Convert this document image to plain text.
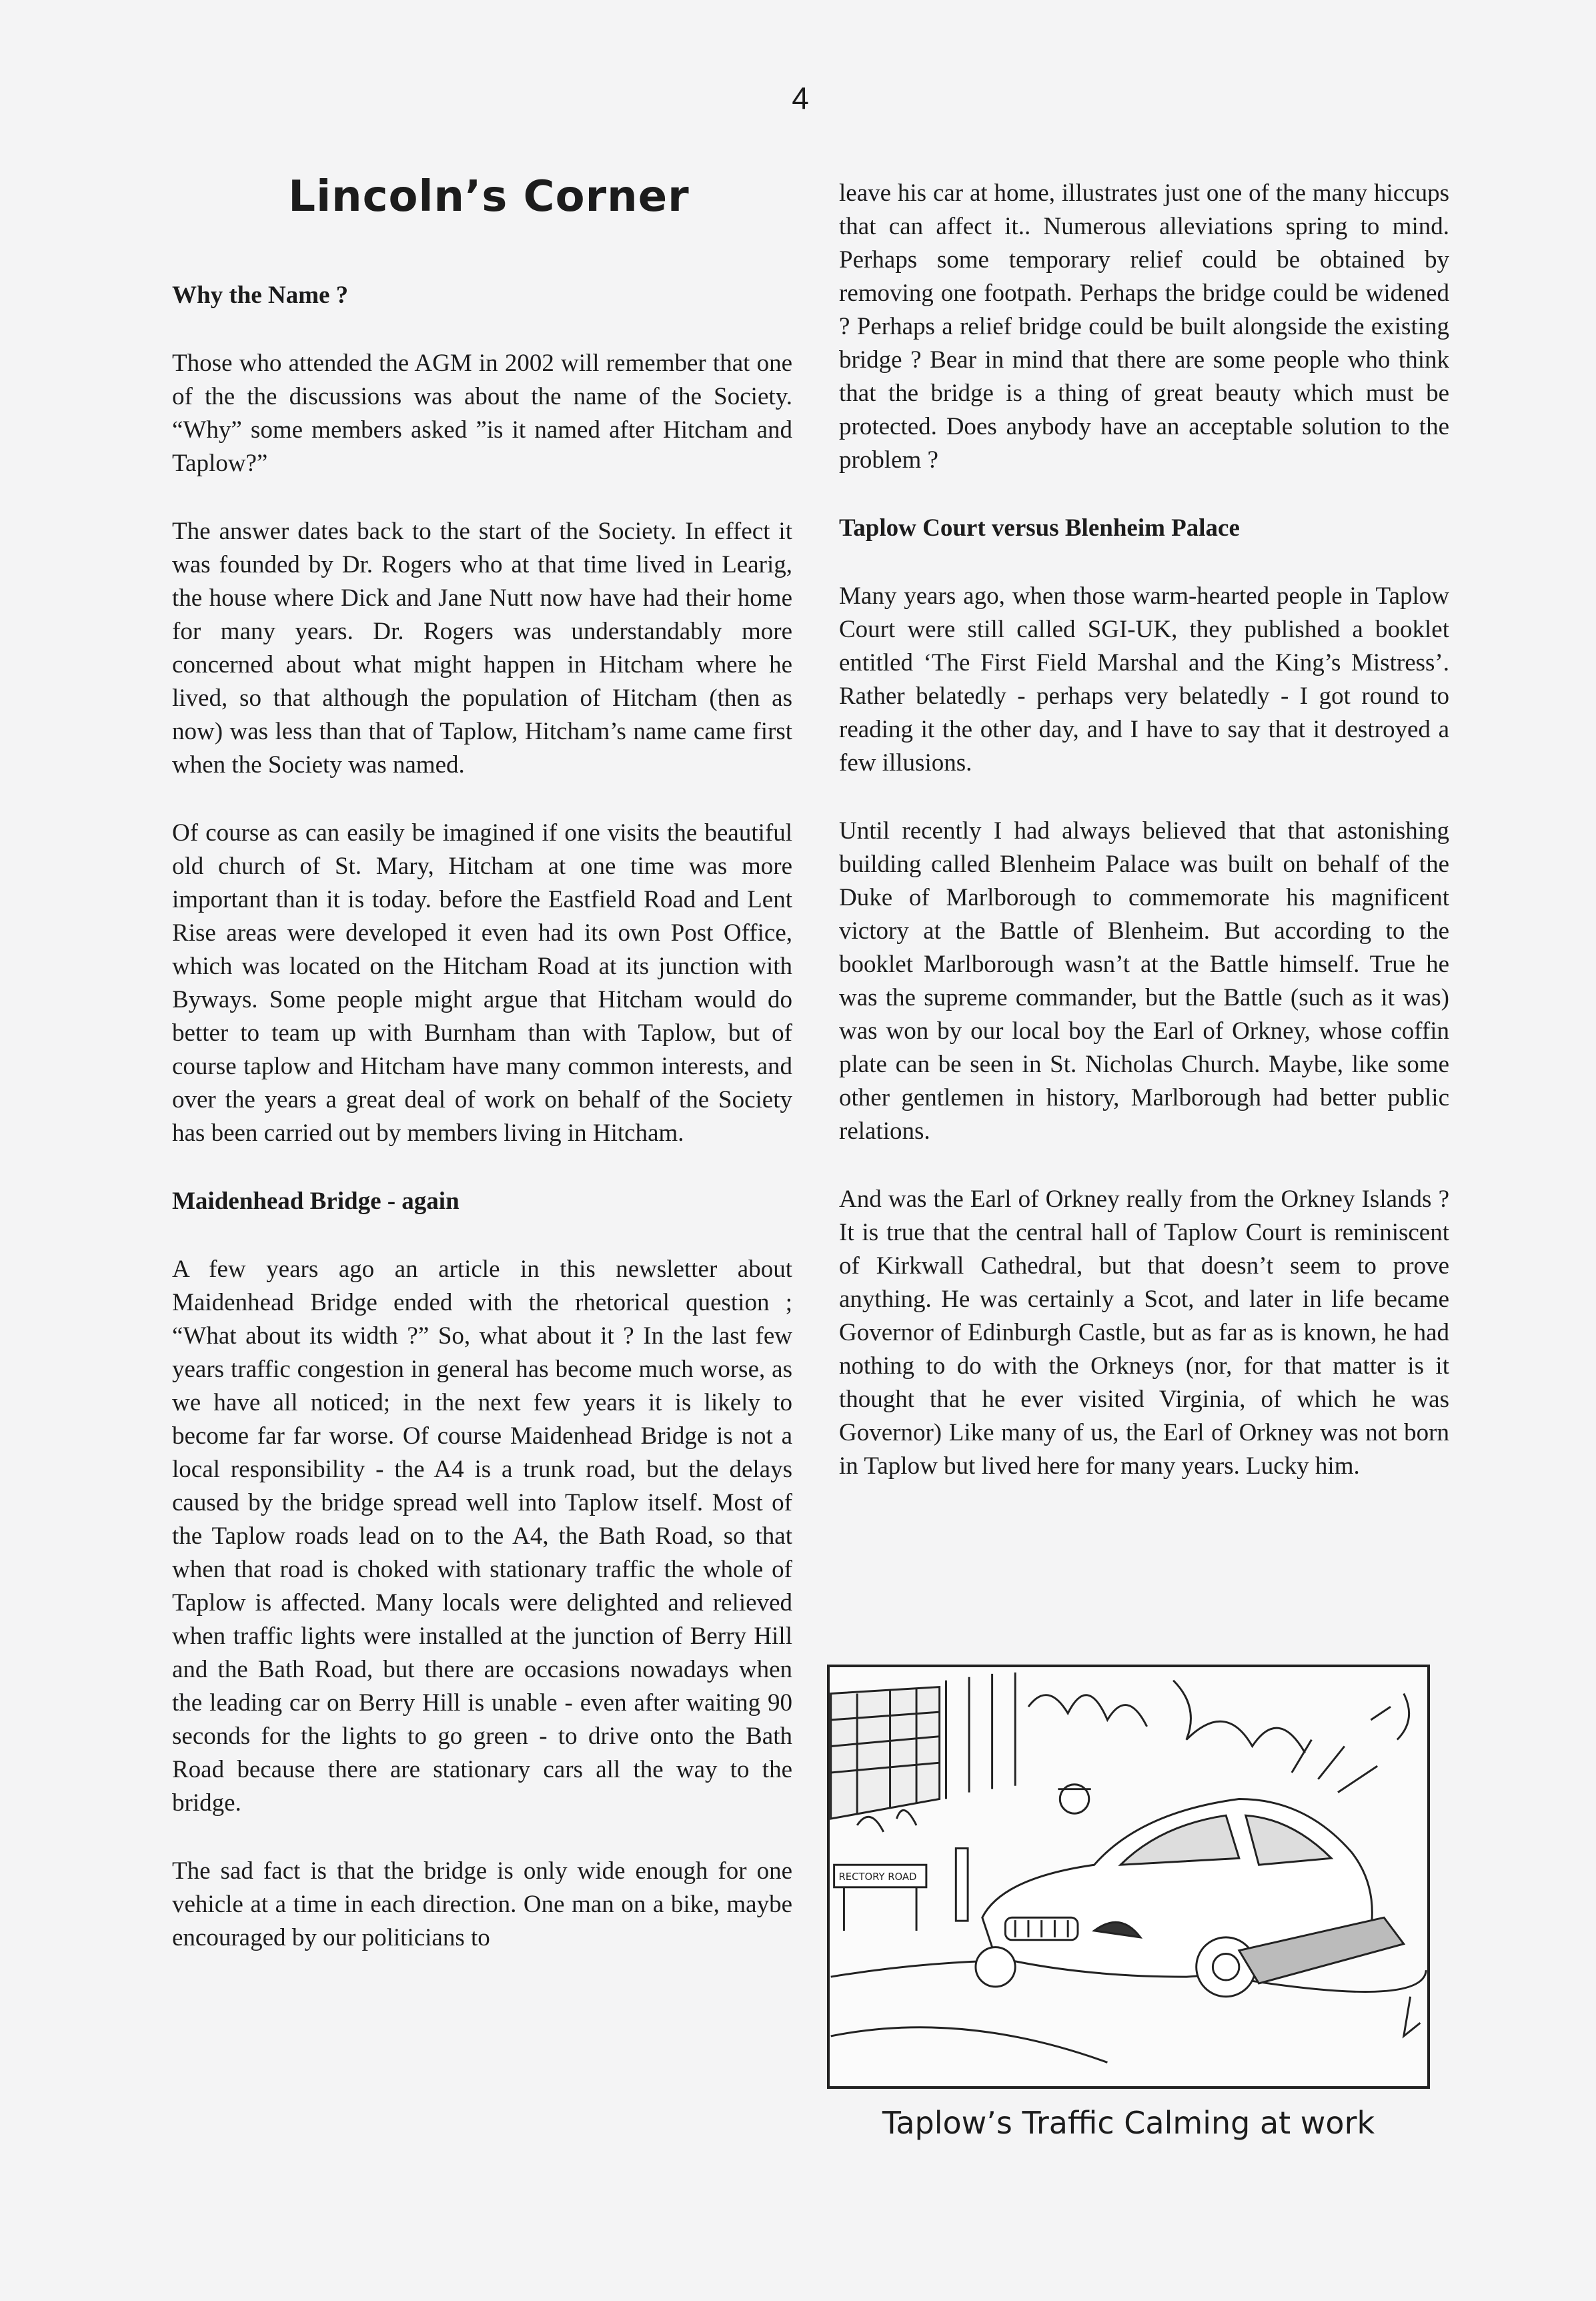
4
Lincoln’s Corner
Why the Name ?

Those who attended the AGM in 2002 will remember that one of the the discussions was about the name of the Society. “Why” some members asked ”is it named after Hitcham and Taplow?”

The answer dates back to the start of the Society. In effect it was founded by Dr. Rogers who at that time lived in Learig, the house where Dick and Jane Nutt now have had their home for many years. Dr. Rogers was understandably more concerned about what might happen in Hitcham where he lived, so that although the population of Hitcham (then as now) was less than that of Taplow, Hitcham’s name came first when the Society was named.

Of course as can easily be imagined if one visits the beautiful old church of St. Mary, Hitcham at one time was more important than it is today. before the Eastfield Road and Lent Rise areas were developed it even had its own Post Office, which was located on the Hitcham Road at its junction with Byways. Some people might argue that Hitcham would do better to team up with Burnham than with Taplow, but of course taplow and Hitcham have many common interests, and over the years a great deal of work on behalf of the Society has been carried out by members living in Hitcham.

Maidenhead Bridge - again

A few years ago an article in this newsletter about Maidenhead Bridge ended with the rhetorical question ; “What about its width ?” So, what about it ? In the last few years traffic congestion in general has become much worse, as we have all noticed; in the next few years it is likely to become far far worse. Of course Maidenhead Bridge is not a local responsibility - the A4 is a trunk road, but the delays caused by the bridge spread well into Taplow itself. Most of the Taplow roads lead on to the A4, the Bath Road, so that when that road is choked with stationary traffic the whole of Taplow is affected. Many locals were delighted and relieved when traffic lights were installed at the junction of Berry Hill and the Bath Road, but there are occasions nowadays when the leading car on Berry Hill is unable - even after waiting 90 seconds for the lights to go green - to drive onto the Bath Road because there are stationary cars all the way to the bridge.

The sad fact is that the bridge is only wide enough for one vehicle at a time in each direction. One man on a bike, maybe encouraged by our politicians to

leave his car at home, illustrates just one of the many hiccups that can affect it.. Numerous alleviations spring to mind. Perhaps some temporary relief could be obtained by removing one footpath. Perhaps the bridge could be widened ? Perhaps a relief bridge could be built alongside the existing bridge ? Bear in mind that there are some people who think that the bridge is a thing of great beauty which must be protected. Does anybody have an acceptable solution to the problem ?

Taplow Court versus Blenheim Palace

Many years ago, when those warm-hearted people in Taplow Court were still called SGI-UK, they published a booklet entitled ‘The First Field Marshal and the King’s Mistress’. Rather belatedly - perhaps very belatedly - I got round to reading it the other day, and I have to say that it destroyed a few illusions.

Until recently I had always believed that that astonishing building called Blenheim Palace was built on behalf of the Duke of Marlborough to commemorate his magnificent victory at the Battle of Blenheim. But according to the booklet Marlborough wasn’t at the Battle himself. True he was the supreme commander, but the Battle (such as it was) was won by our local boy the Earl of Orkney, whose coffin plate can be seen in St. Nicholas Church. Maybe, like some other gentlemen in history, Marlborough had better public relations.

And was the Earl of Orkney really from the Orkney Islands ? It is true that the central hall of Taplow Court is reminiscent of Kirkwall Cathedral, but that doesn’t seem to prove anything. He was certainly a Scot, and later in life became Governor of Edinburgh Castle, but as far as is known, he had nothing to do with the Orkneys (nor, for that matter is it thought that he ever visited Virginia, of which he was Governor) Like many of us, the Earl of Orkney was not born in Taplow but lived here for many years. Lucky him.

RECTORY ROAD
Taplow’s Traffic Calming at work
